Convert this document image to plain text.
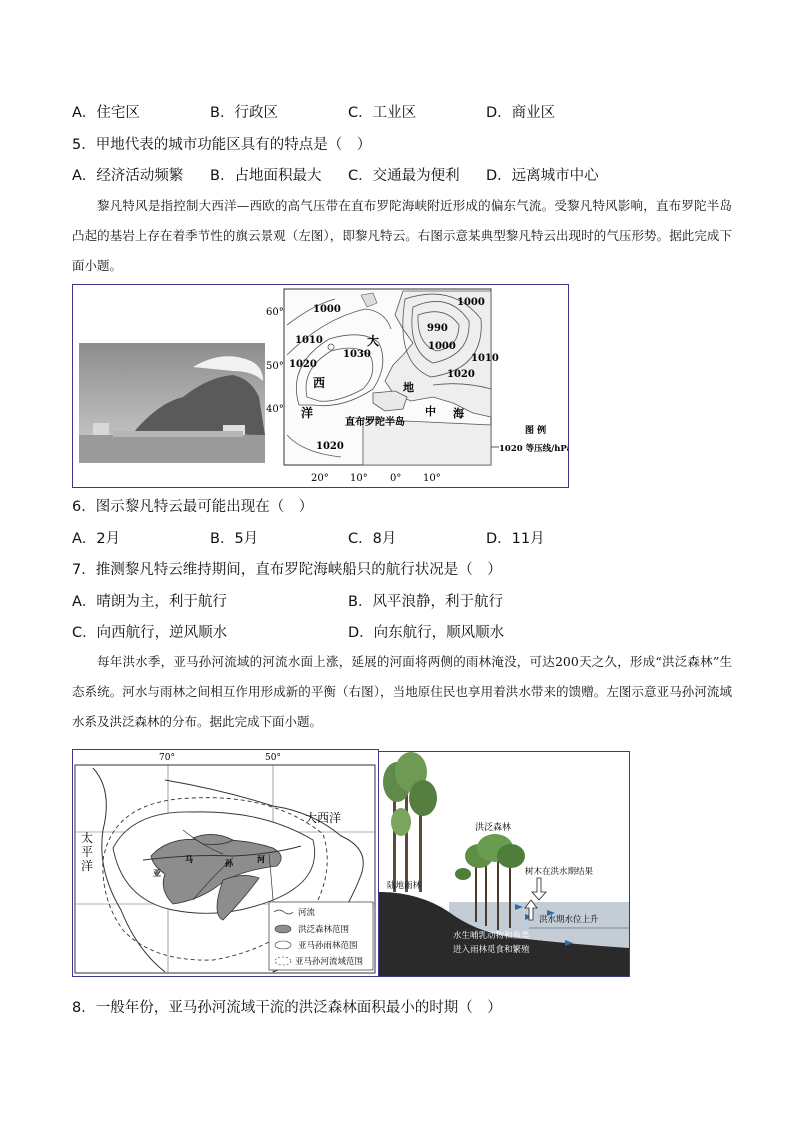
A．住宅区	B．行政区	C．工业区	D．商业区
5．甲地代表的城市功能区具有的特点是（　）
A．经济活动频繁 B．占地面积最大 C．交通最为便利 D．远离城市中心

黎凡特风是指控制大西洋—西欧的高气压带在直布罗陀海峡附近形成的偏东气流。受黎凡特风影响，直布罗陀半岛凸起的基岩上存在着季节性的旗云景观（左图），即黎凡特云。右图示意某典型黎凡特云出现时的气压形势。据此完成下面小题。

60°
50°
40°
20° 10° 0° 10°
1000
1010
1020
1030
1000
990
1000
1010
1020
1020
大
西
洋
地
中 海
直布罗陀半岛
图 例
1020 等压线/hPa
6．图示黎凡特云最可能出现在（　）
A．2月	B．5月	C．8月	D．11月
7．推测黎凡特云维持期间，直布罗陀海峡船只的航行状况是（　）
A．晴朗为主，利于航行	B．风平浪静，利于航行
C．向西航行，逆风顺水	D．向东航行，顺风顺水

每年洪水季，亚马孙河流域的河流水面上涨，延展的河面将两侧的雨林淹没，可达200天之久，形成“洪泛森林”生态系统。河水与雨林之间相互作用形成新的平衡（右图），当地原住民也享用着洪水带来的馈赠。左图示意亚马孙河流域水系及洪泛森林的分布。据此完成下面小题。

70°	50°
大西洋
太
平
洋	亚
马	孙	河
河流
洪泛森林范围
亚马孙雨林范围
亚马孙河流域范围
洪泛森林
陆地雨林
树木在洪水期结果
洪水期水位上升
水生哺乳动物和鱼类
进入雨林觅食和繁殖
8．一般年份，亚马孙河流域干流的洪泛森林面积最小的时期（　）
